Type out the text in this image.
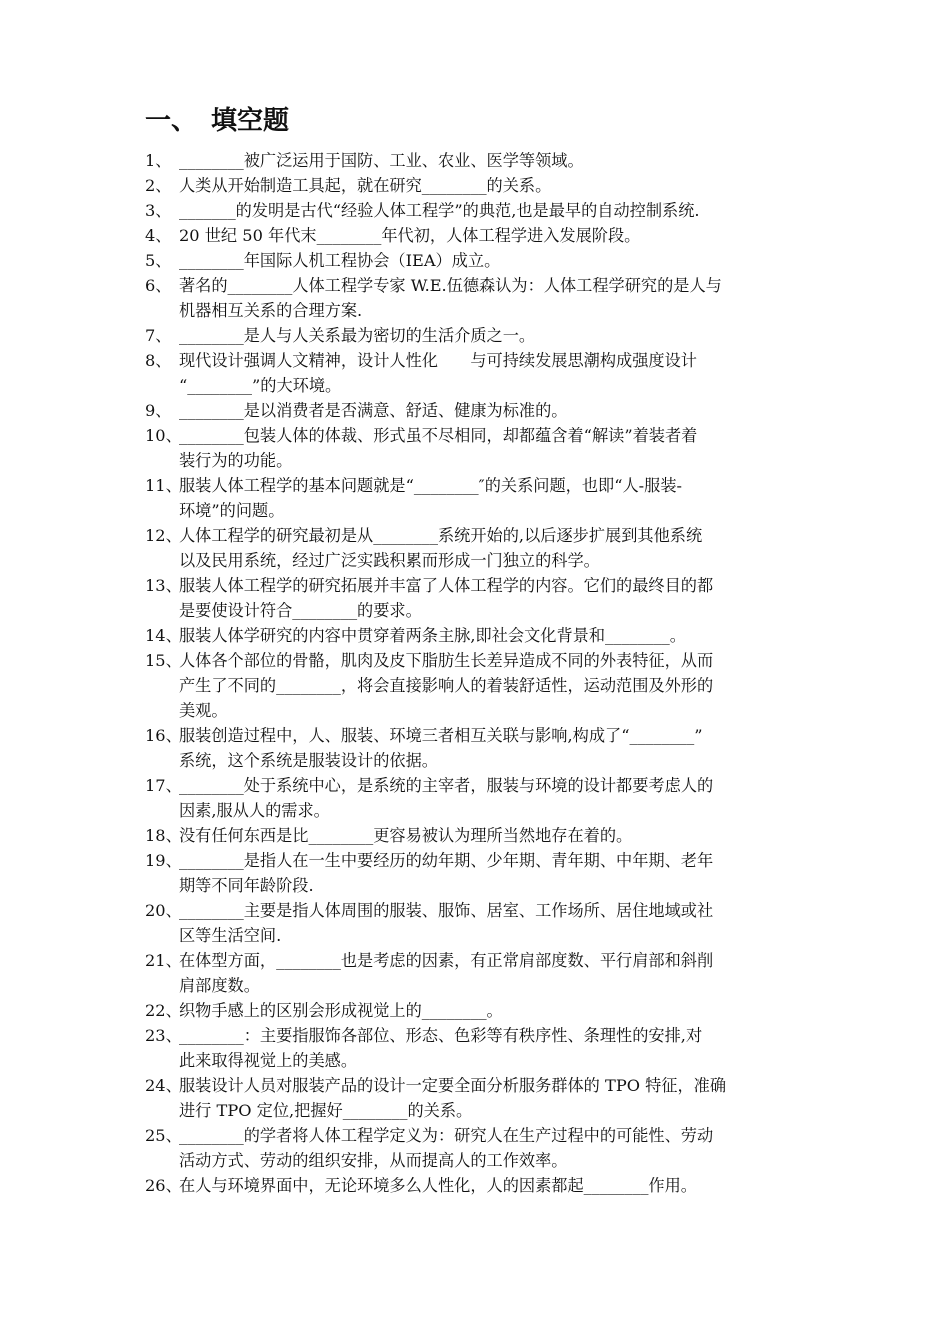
一、 填空题
1、 ________被广泛运用于国防、工业、农业、医学等领域。
2、 人类从开始制造工具起，就在研究________的关系。
3、 _______的发明是古代“经验人体工程学”的典范,也是最早的自动控制系统.
4、 20 世纪 50 年代末________年代初，人体工程学进入发展阶段。
5、 ________年国际人机工程协会（IEA）成立。
6、 著名的________人体工程学专家 W.E.伍德森认为：人体工程学研究的是人与
机器相互关系的合理方案.
7、 ________是人与人关系最为密切的生活介质之一。
8、 现代设计强调人文精神，设计人性化　　与可持续发展思潮构成强度设计
“________”的大环境。
9、 ________是以消费者是否满意、舒适、健康为标准的。
10、
________包装人体的体裁、形式虽不尽相同，却都蕴含着“解读”着装者着
装行为的功能。
11、
服装人体工程学的基本问题就是“________″的关系问题，也即“人-服装-
环境”的问题。
12、
人体工程学的研究最初是从________系统开始的,以后逐步扩展到其他系统
以及民用系统，经过广泛实践积累而形成一门独立的科学。
13、
服装人体工程学的研究拓展并丰富了人体工程学的内容。它们的最终目的都
是要使设计符合________的要求。
14、
服装人体学研究的内容中贯穿着两条主脉,即社会文化背景和________。
15、
人体各个部位的骨骼，肌肉及皮下脂肪生长差异造成不同的外表特征，从而
产生了不同的________，将会直接影响人的着装舒适性，运动范围及外形的
美观。
16、
服装创造过程中，人、服装、环境三者相互关联与影响,构成了“________”
系统，这个系统是服装设计的依据。
17、
________处于系统中心，是系统的主宰者，服装与环境的设计都要考虑人的
因素,服从人的需求。
18、
没有任何东西是比________更容易被认为理所当然地存在着的。
19、
________是指人在一生中要经历的幼年期、少年期、青年期、中年期、老年
期等不同年龄阶段.
20、
________主要是指人体周围的服装、服饰、居室、工作场所、居住地域或社
区等生活空间.
21、
在体型方面，________也是考虑的因素，有正常肩部度数、平行肩部和斜削
肩部度数。
22、
织物手感上的区别会形成视觉上的________。
23、
________：主要指服饰各部位、形态、色彩等有秩序性、条理性的安排,对
此来取得视觉上的美感。
24、
服装设计人员对服装产品的设计一定要全面分析服务群体的 TPO 特征，准确
进行 TPO 定位,把握好________的关系。
25、
________的学者将人体工程学定义为：研究人在生产过程中的可能性、劳动
活动方式、劳动的组织安排，从而提高人的工作效率。
26、
在人与环境界面中，无论环境多么人性化，人的因素都起________作用。
